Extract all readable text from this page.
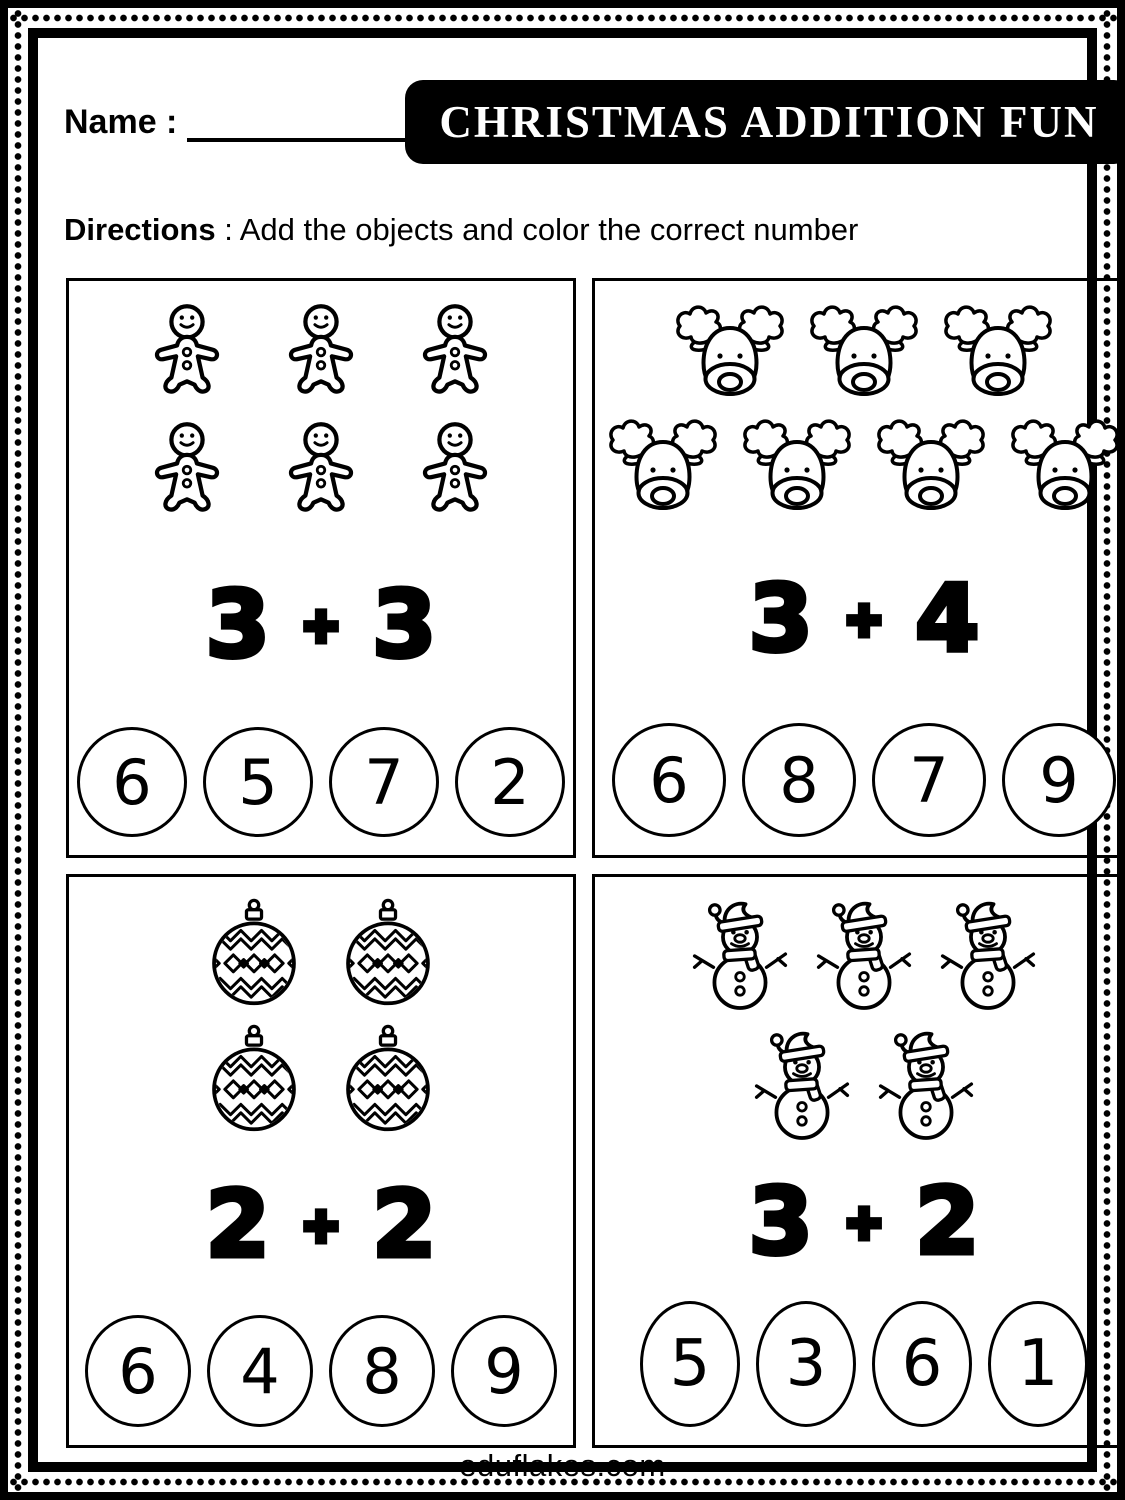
Name :	CHRISTMAS ADDITION FUN
Directions : Add the objects and color the correct number
3 + 3
6	5	7	2
3 + 4
6	8	7	9
2 + 2
6	4	8	9
3 + 2
5	3	6	1
eduflakes.com
